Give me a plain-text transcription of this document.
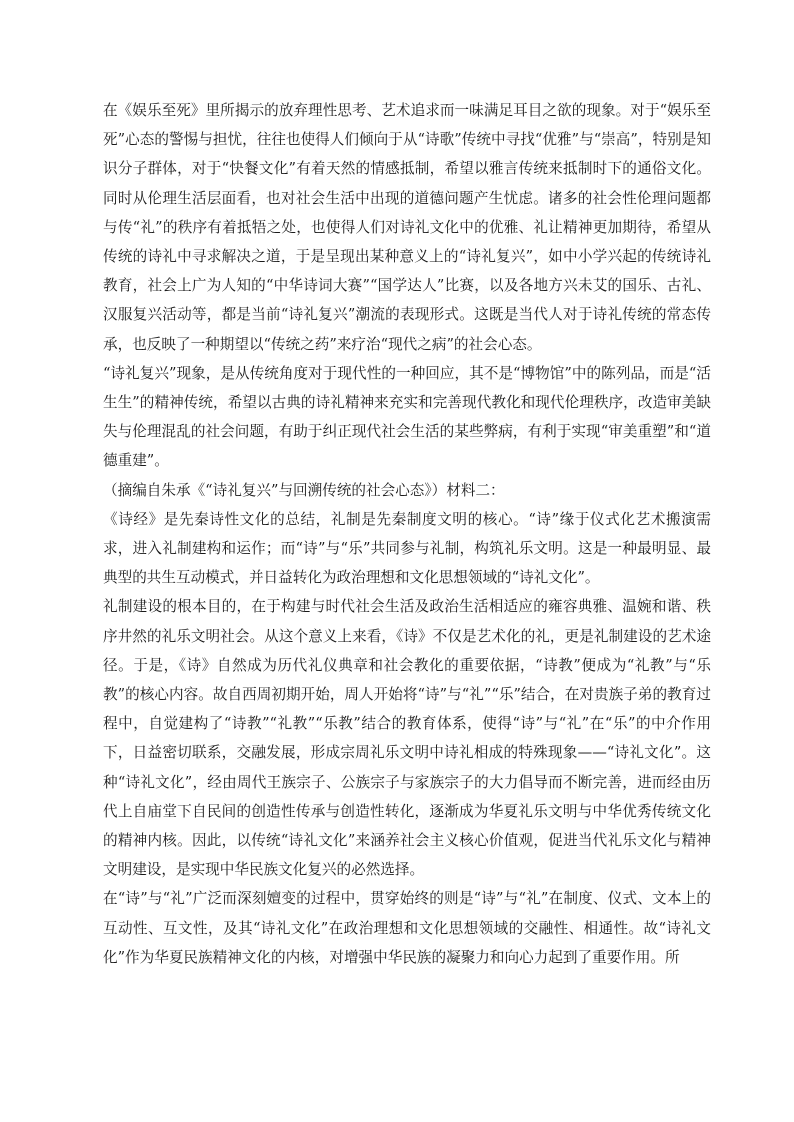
在《娱乐至死》里所揭示的放弃理性思考、艺术追求而一味满足耳目之欲的现象。对于“娱乐至死”心态的警惕与担忧，往往也使得人们倾向于从“诗歌”传统中寻找“优雅”与“崇高”，特别是知识分子群体，对于“快餐文化”有着天然的情感抵制，希望以雅言传统来抵制时下的通俗文化。同时从伦理生活层面看，也对社会生活中出现的道德问题产生忧虑。诸多的社会性伦理问题都与传“礼”的秩序有着抵牾之处，也使得人们对诗礼文化中的优雅、礼让精神更加期待，希望从传统的诗礼中寻求解决之道，于是呈现出某种意义上的“诗礼复兴”，如中小学兴起的传统诗礼教育，社会上广为人知的“中华诗词大赛”“国学达人”比赛，以及各地方兴未艾的国乐、古礼、汉服复兴活动等，都是当前“诗礼复兴”潮流的表现形式。这既是当代人对于诗礼传统的常态传承，也反映了一种期望以“传统之药”来疗治“现代之病”的社会心态。

“诗礼复兴”现象，是从传统角度对于现代性的一种回应，其不是“博物馆”中的陈列品，而是“活生生”的精神传统，希望以古典的诗礼精神来充实和完善现代教化和现代伦理秩序，改造审美缺失与伦理混乱的社会问题，有助于纠正现代社会生活的某些弊病，有利于实现“审美重塑”和“道德重建”。

（摘编自朱承《“诗礼复兴”与回溯传统的社会心态》）材料二：

《诗经》是先秦诗性文化的总结，礼制是先秦制度文明的核心。“诗”缘于仪式化艺术搬演需求，进入礼制建构和运作；而“诗”与“乐”共同参与礼制，构筑礼乐文明。这是一种最明显、最典型的共生互动模式，并日益转化为政治理想和文化思想领域的“诗礼文化”。

礼制建设的根本目的，在于构建与时代社会生活及政治生活相适应的雍容典雅、温婉和谐、秩序井然的礼乐文明社会。从这个意义上来看，《诗》不仅是艺术化的礼，更是礼制建设的艺术途径。于是，《诗》自然成为历代礼仪典章和社会教化的重要依据，“诗教”便成为“礼教”与“乐教”的核心内容。故自西周初期开始，周人开始将“诗”与“礼”“乐”结合，在对贵族子弟的教育过程中，自觉建构了“诗教”“礼教”“乐教”结合的教育体系，使得“诗”与“礼”在“乐”的中介作用下，日益密切联系，交融发展，形成宗周礼乐文明中诗礼相成的特殊现象——“诗礼文化”。这种“诗礼文化”，经由周代王族宗子、公族宗子与家族宗子的大力倡导而不断完善，进而经由历代上自庙堂下自民间的创造性传承与创造性转化，逐渐成为华夏礼乐文明与中华优秀传统文化的精神内核。因此，以传统“诗礼文化”来涵养社会主义核心价值观，促进当代礼乐文化与精神文明建设，是实现中华民族文化复兴的必然选择。

在“诗”与“礼”广泛而深刻嬗变的过程中，贯穿始终的则是“诗”与“礼”在制度、仪式、文本上的互动性、互文性，及其“诗礼文化”在政治理想和文化思想领域的交融性、相通性。故“诗礼文化”作为华夏民族精神文化的内核，对增强中华民族的凝聚力和向心力起到了重要作用。所
